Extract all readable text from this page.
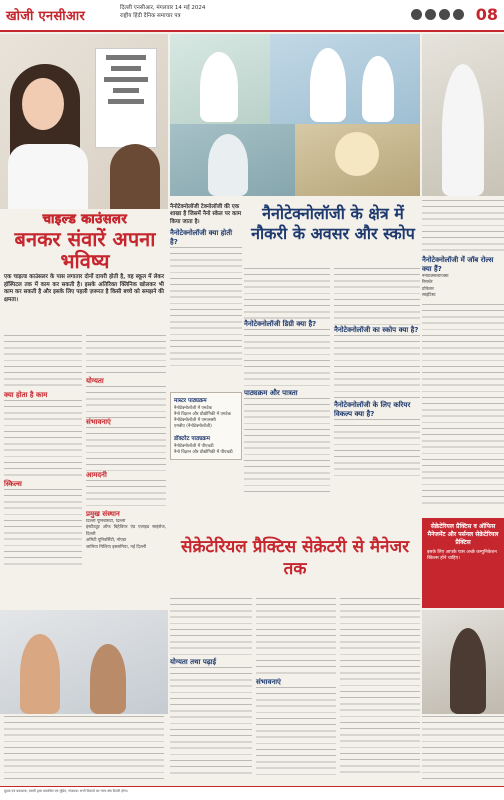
खोजी एनसीआर
दिल्ली एनसीआर, मंगलवार 14 मई 2024
राष्ट्रीय हिंदी दैनिक समाचार पत्र	08
चाइल्ड काउंसलर
बनकर संवारें अपना भविष्य
एक चाइल्ड काउंसलर के पास लगातार दोनों दायरी होती है, वह स्कूल में लेकर हॉस्पिटल तक में काम कर सकती है। इसके अतिरिक्त क्लिनिक खोलकर भी काम कर सकती है और इसके लिए पहली ज़रूरत है किसी बच्चे को समझने की क्षमता।
क्या होता है काम
स्किल्स
योग्यता
संभावनाएं
आमदनी
प्रमुख संस्थान
दिल्ली यूनिवर्सिटी, दिल्ली
इंस्टीट्यूट ऑफ बिहेवियर एंड एलाइड साइंसेज, दिल्ली
अमिटी यूनिवर्सिटी, नोएडा
जामिया मिलिया इस्लामिया, नई दिल्ली
नैनोटेक्नोलॉजी टेक्नोलॉजी की एक शाखा है जिसमें नैनो स्केल पर काम किया जाता है।
नैनोटेक्नोलॉजी क्या होती है?
नैनोटेक्नोलॉजी के क्षेत्र में नौकरी के अवसर और स्कोप
नैनोटेक्नोलॉजी डिग्री क्या है?
पाठ्यक्रम और पात्रता
नैनोटेक्नोलॉजी का स्कोप क्या है?
नैनोटेक्नोलॉजी के लिए करियर विकल्प क्या है?
मास्टर पाठ्यक्रम
नैनोटेक्नोलॉजी में एमटेक
नैनो विज्ञान और प्रौद्योगिकी में एमटेक
नैनोटेक्नोलॉजी में एमएससी
एमबीए (नैनोटेक्नोलॉजी)
डॉक्टरेट पाठ्यक्रम
नैनोटेक्नोलॉजी में पीएचडी
नैनो विज्ञान और प्रौद्योगिकी में पीएचडी
नैनोटेक्नोलॉजी में जॉब रोल्स क्या हैं?
नैनोटेक्नोलॉजिस्ट
रिसर्चर
प्रोफेसर
साइंटिस्ट
सेक्रेटेरियल प्रैक्टिस सेक्रेटरी से मैनेजर तक
सेक्रेटेरियल प्रैक्टिस व ऑफिस मैनेजमेंट और पर्सनल सेक्रेटेरियल प्रैक्टिस

इसके लिए आपके पास अच्छे कम्युनिकेशन स्किल्स होने चाहिए।

योग्यता तथा पढ़ाई
संभावनाएं
मुद्रक एवं प्रकाशक, स्वामी द्वारा प्रकाशित एवं मुद्रित, संपादक: सभी विवादों का न्याय क्षेत्र दिल्ली होगा।
